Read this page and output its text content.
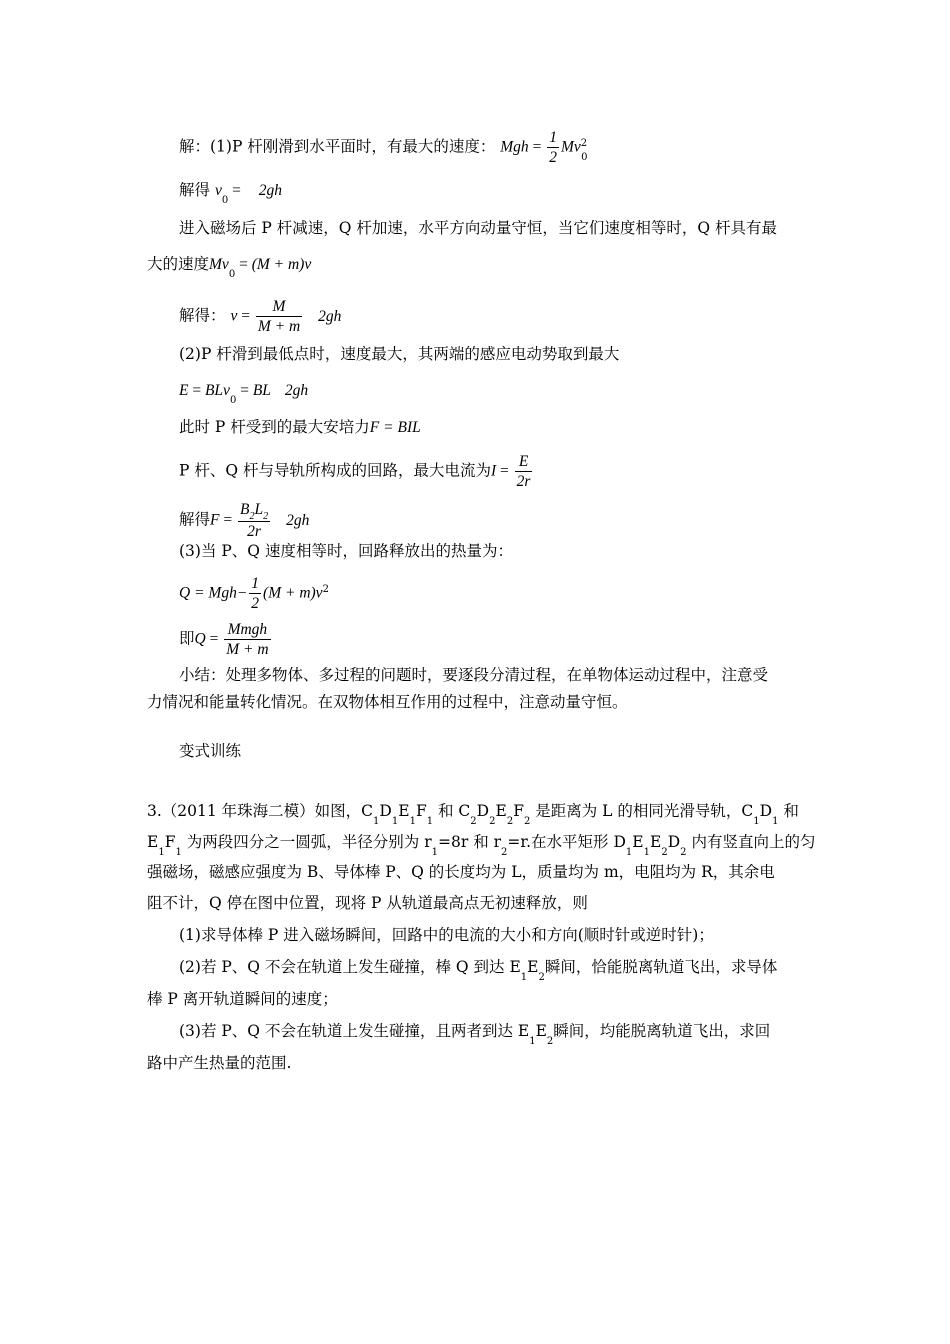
解：(1)P 杆刚滑到水平面时，有最大的速度： Mgh = $\frac{1}{2} Mv^2_0$
解得 $v_0 = 2gh$
进入磁场后 P 杆减速，Q 杆加速，水平方向动量守恒，当它们速度相等时，Q 杆具有最
大的速度$Mv_0 = (M + m)v$
解得： $v = \frac{M}{M + m} 2gh$
(2)P 杆滑到最低点时，速度最大，其两端的感应电动势取到最大
E = BLv$_0$ = BL 2gh
此时 P 杆受到的最大安培力F = BIL
P 杆、Q 杆与导轨所构成的回路，最大电流为$I = \frac{E}{2r}$
解得$F = \frac{B_2L_2}{2r} 2gh$
(3)当 P、Q 速度相等时，回路释放出的热量为：
$Q = Mgh- \frac{1}{2} (M + m)v^2$
即$Q = \frac{\text{Mmgh}}{M + m}$
小结：处理多物体、多过程的问题时，要逐段分清过程，在单物体运动过程中，注意受
力情况和能量转化情况。在双物体相互作用的过程中，注意动量守恒。
变式训练
3.（2011 年珠海二模）如图，$C_1D_1E_1F_1$ 和 $C_2D_2E_2F_2$ 是距离为 L 的相同光滑导轨，$C_1D_1$ 和
$E_1F_1$ 为两段四分之一圆弧，半径分别为 $r_1=8r$ 和 $r_2=r$.在水平矩形 $D_1E_1E_2D_2$ 内有竖直向上的匀
强磁场，磁感应强度为 B、导体棒 P、Q 的长度均为 L，质量均为 m，电阻均为 R，其余电
阻不计，Q 停在图中位置，现将 P 从轨道最高点无初速释放，则
(1)求导体棒 P 进入磁场瞬间，回路中的电流的大小和方向(顺时针或逆时针)；
(2)若 P、Q 不会在轨道上发生碰撞，棒 Q 到达 $E_1E_2$瞬间，恰能脱离轨道飞出，求导体
棒 P 离开轨道瞬间的速度；
(3)若 P、Q 不会在轨道上发生碰撞，且两者到达 $E_1E_2$瞬间，均能脱离轨道飞出，求回
路中产生热量的范围.
